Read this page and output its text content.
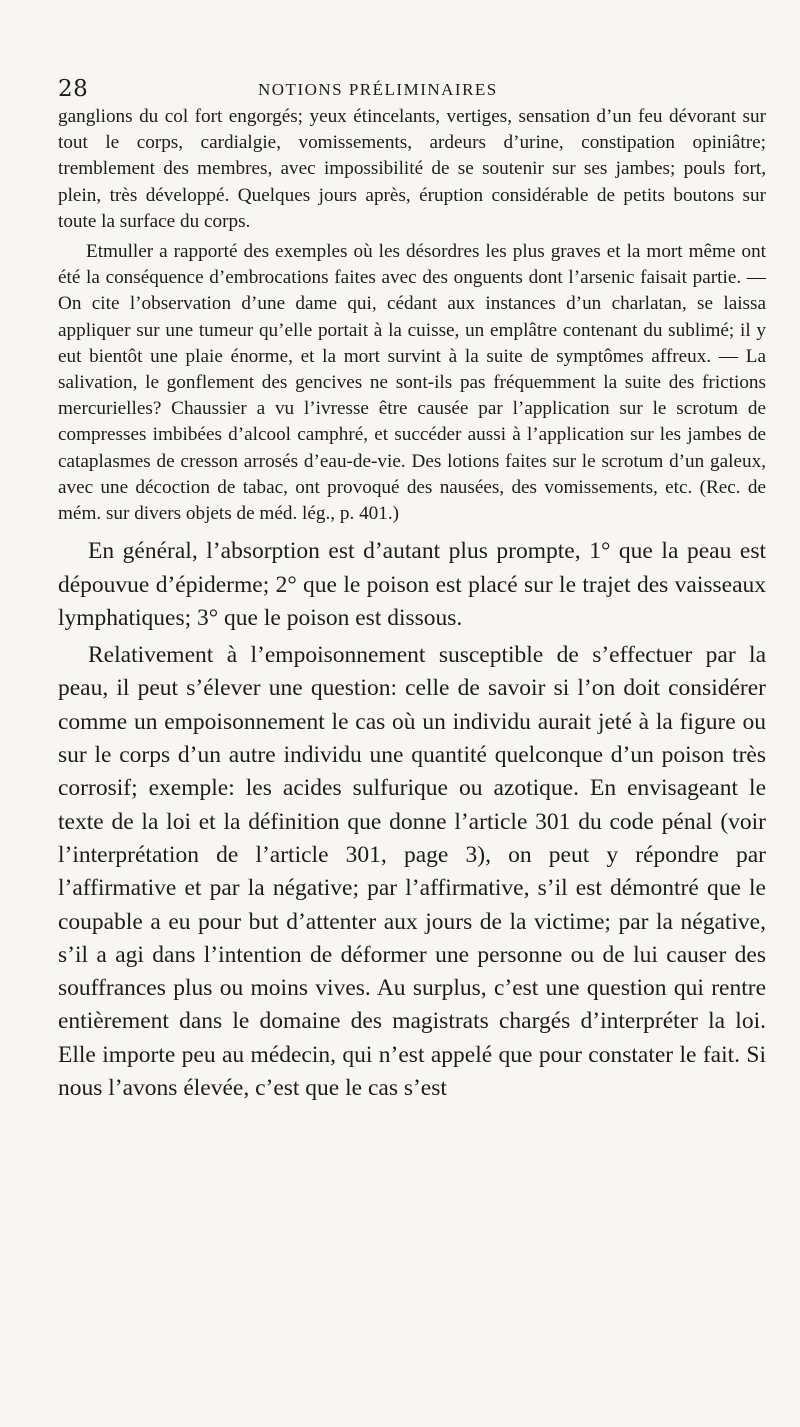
28	NOTIONS PRÉLIMINAIRES

ganglions du col fort engorgés; yeux étincelants, vertiges, sensation d’un feu dévorant sur tout le corps, cardialgie, vomissements, ardeurs d’urine, constipation opiniâtre; tremblement des membres, avec impossibilité de se soutenir sur ses jambes; pouls fort, plein, très développé. Quelques jours après, éruption considérable de petits boutons sur toute la surface du corps.

Etmuller a rapporté des exemples où les désordres les plus graves et la mort même ont été la conséquence d’embrocations faites avec des onguents dont l’arsenic faisait partie. — On cite l’observation d’une dame qui, cédant aux instances d’un charlatan, se laissa appliquer sur une tumeur qu’elle portait à la cuisse, un emplâtre contenant du sublimé; il y eut bientôt une plaie énorme, et la mort survint à la suite de symptômes affreux. — La salivation, le gonflement des gencives ne sont-ils pas fréquemment la suite des frictions mercurielles? Chaussier a vu l’ivresse être causée par l’application sur le scrotum de compresses imbibées d’alcool camphré, et succéder aussi à l’application sur les jambes de cataplasmes de cresson arrosés d’eau-de-vie. Des lotions faites sur le scrotum d’un galeux, avec une décoction de tabac, ont provoqué des nausées, des vomissements, etc. (Rec. de mém. sur divers objets de méd. lég., p. 401.)

En général, l’absorption est d’autant plus prompte, 1° que la peau est dépouvue d’épiderme; 2° que le poison est placé sur le trajet des vaisseaux lymphatiques; 3° que le poison est dissous.

Relativement à l’empoisonnement susceptible de s’effectuer par la peau, il peut s’élever une question: celle de savoir si l’on doit considérer comme un empoisonnement le cas où un individu aurait jeté à la figure ou sur le corps d’un autre individu une quantité quelconque d’un poison très corrosif; exemple: les acides sulfurique ou azotique. En envisageant le texte de la loi et la définition que donne l’article 301 du code pénal (voir l’interprétation de l’article 301, page 3), on peut y répondre par l’affirmative et par la négative; par l’affirmative, s’il est démontré que le coupable a eu pour but d’attenter aux jours de la victime; par la négative, s’il a agi dans l’intention de déformer une personne ou de lui causer des souffrances plus ou moins vives. Au surplus, c’est une question qui rentre entièrement dans le domaine des magistrats chargés d’interpréter la loi. Elle importe peu au médecin, qui n’est appelé que pour constater le fait. Si nous l’avons élevée, c’est que le cas s’est
